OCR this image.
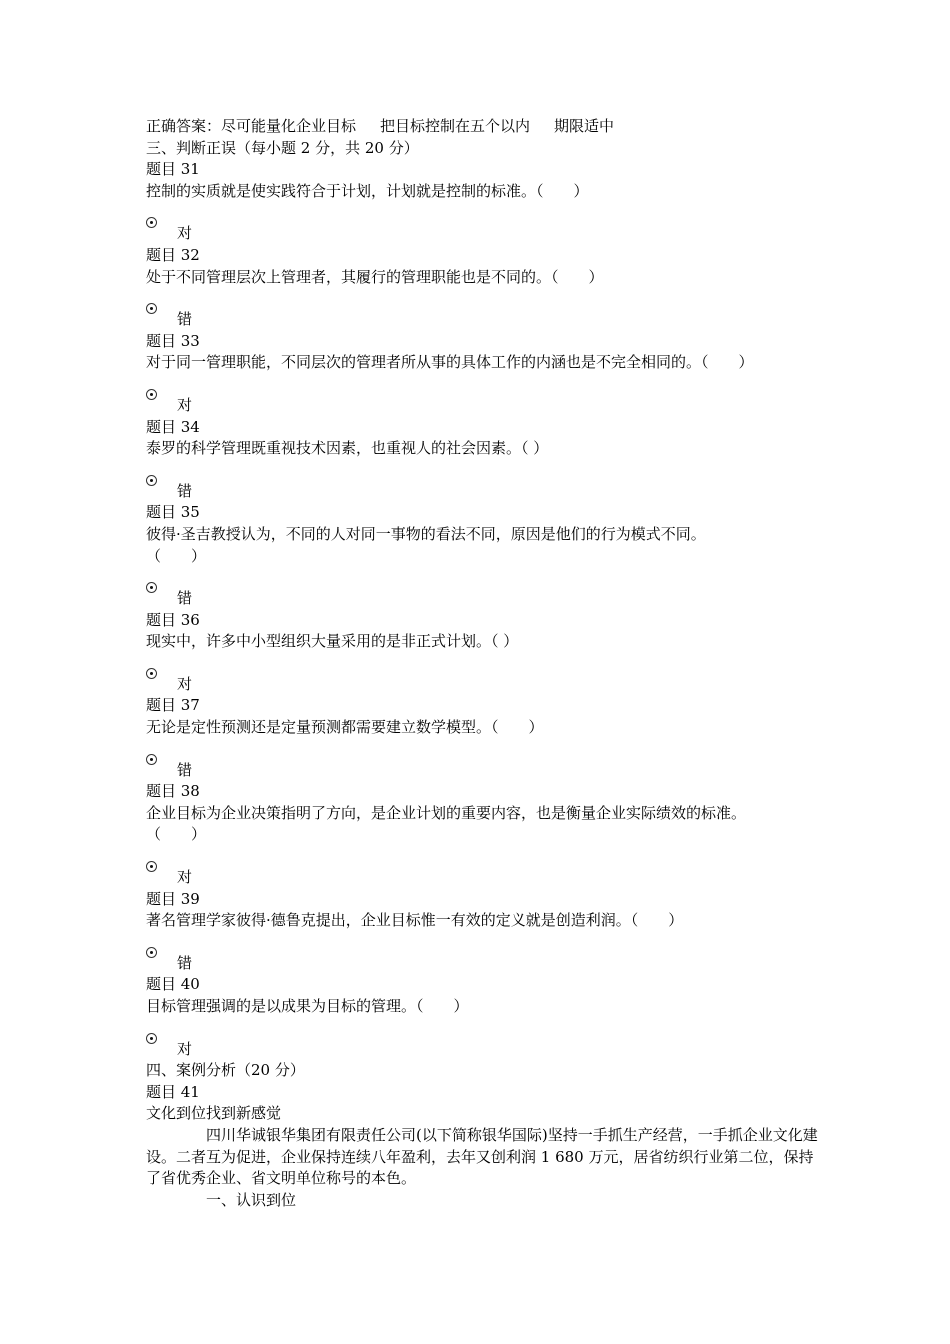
正确答案：尽可能量化企业目标 把目标控制在五个以内 期限适中
三、判断正误（每小题 2 分，共 20 分）
题目 31
控制的实质就是使实践符合于计划，计划就是控制的标准。（　　）
对
题目 32
处于不同管理层次上管理者，其履行的管理职能也是不同的。（　　）
错
题目 33
对于同一管理职能，不同层次的管理者所从事的具体工作的内涵也是不完全相同的。（　　）
对
题目 34
泰罗的科学管理既重视技术因素，也重视人的社会因素。（ ）
错
题目 35
彼得·圣吉教授认为，不同的人对同一事物的看法不同，原因是他们的行为模式不同。
（　　）
错
题目 36
现实中，许多中小型组织大量采用的是非正式计划。（ ）
对
题目 37
无论是定性预测还是定量预测都需要建立数学模型。（　　）
错
题目 38
企业目标为企业决策指明了方向，是企业计划的重要内容，也是衡量企业实际绩效的标准。
（　　）
对
题目 39
著名管理学家彼得·德鲁克提出，企业目标惟一有效的定义就是创造利润。（　　）
错
题目 40
目标管理强调的是以成果为目标的管理。（　　）
对
四、案例分析（20 分）
题目 41
文化到位找到新感觉
四川华诚银华集团有限责任公司(以下简称银华国际)坚持一手抓生产经营，一手抓企业文化建设。二者互为促进，企业保持连续八年盈利，去年又创利润 1 680 万元，居省纺织行业第二位，保持了省优秀企业、省文明单位称号的本色。
一、认识到位
